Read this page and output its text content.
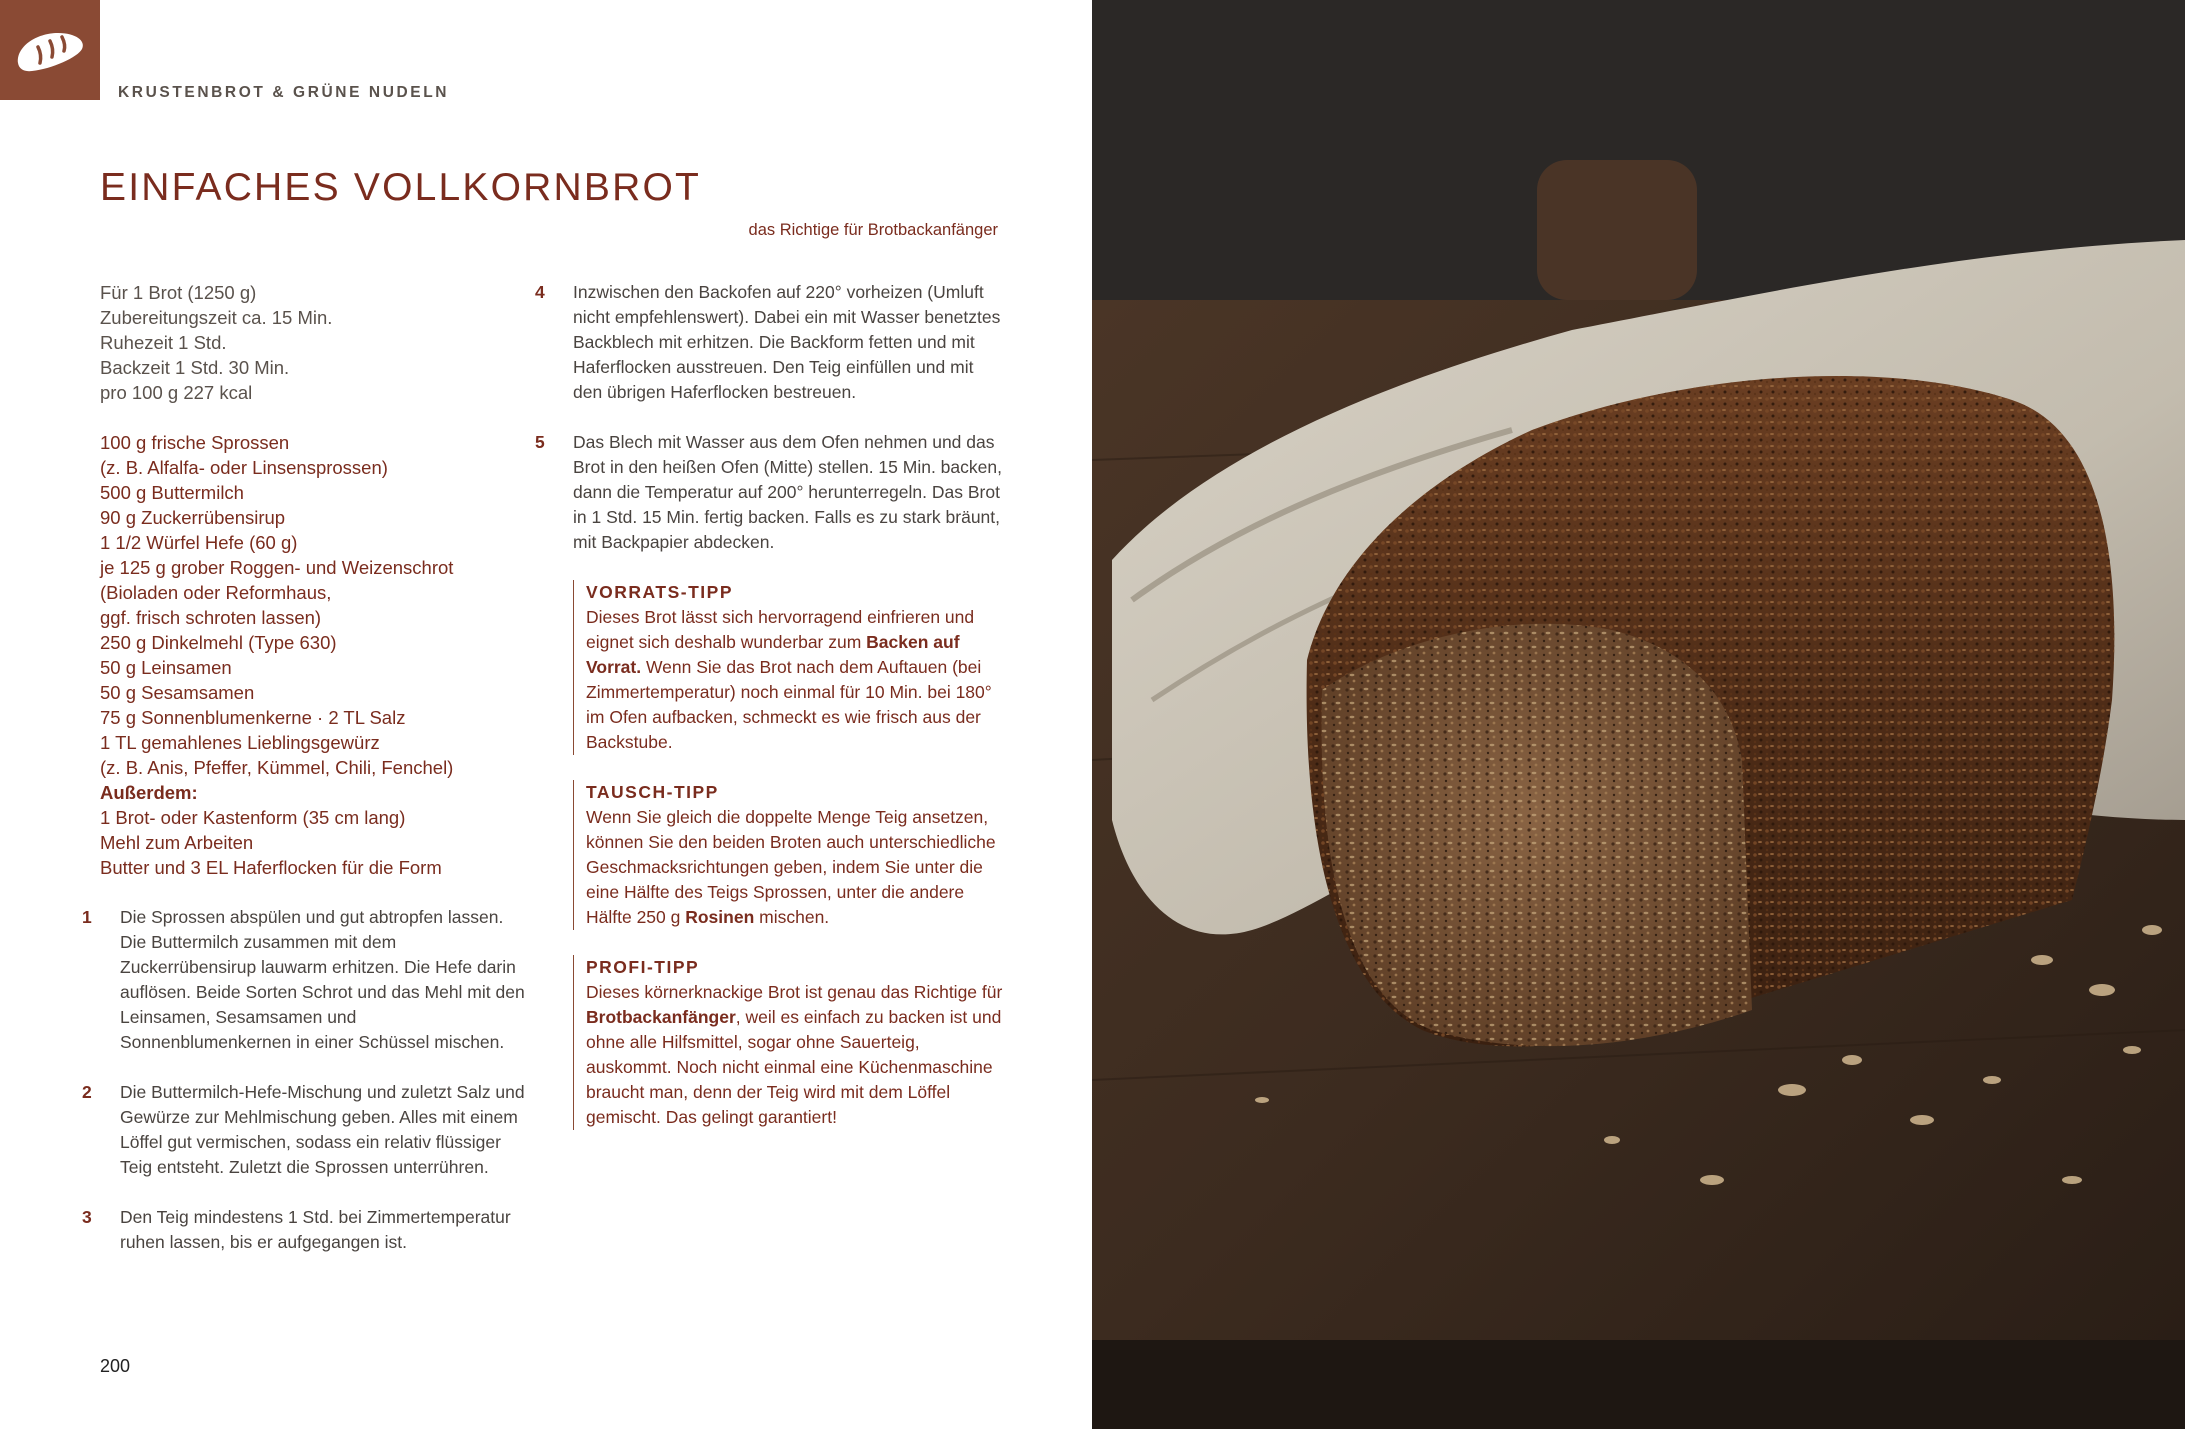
KRUSTENBROT & GRÜNE NUDELN
EINFACHES VOLLKORNBROT
das Richtige für Brotbackanfänger
Für 1 Brot (1250 g)
Zubereitungszeit ca. 15 Min.
Ruhezeit 1 Std.
Backzeit 1 Std. 30 Min.
pro 100 g 227 kcal
100 g frische Sprossen
(z. B. Alfalfa- oder Linsensprossen)
500 g Buttermilch
90 g Zuckerrübensirup
1 1/2 Würfel Hefe (60 g)
je 125 g grober Roggen- und Weizenschrot
(Bioladen oder Reformhaus,
ggf. frisch schroten lassen)
250 g Dinkelmehl (Type 630)
50 g Leinsamen
50 g Sesamsamen
75 g Sonnenblumenkerne · 2 TL Salz
1 TL gemahlenes Lieblingsgewürz
(z. B. Anis, Pfeffer, Kümmel, Chili, Fenchel)
Außerdem:
1 Brot- oder Kastenform (35 cm lang)
Mehl zum Arbeiten
Butter und 3 EL Haferflocken für die Form
1	Die Sprossen abspülen und gut abtropfen lassen. Die Buttermilch zusammen mit dem Zuckerrübensirup lauwarm erhitzen. Die Hefe darin auflösen. Beide Sorten Schrot und das Mehl mit den Leinsamen, Sesamsamen und Sonnenblumenkernen in einer Schüssel mischen.
2	Die Buttermilch-Hefe-Mischung und zuletzt Salz und Gewürze zur Mehlmischung geben. Alles mit einem Löffel gut vermischen, sodass ein relativ flüssiger Teig entsteht. Zuletzt die Sprossen unterrühren.
3	Den Teig mindestens 1 Std. bei Zimmertemperatur ruhen lassen, bis er aufgegangen ist.
4	Inzwischen den Backofen auf 220° vorheizen (Umluft nicht empfehlenswert). Dabei ein mit Wasser benetztes Backblech mit erhitzen. Die Backform fetten und mit Haferflocken ausstreuen. Den Teig einfüllen und mit den übrigen Haferflocken bestreuen.
5	Das Blech mit Wasser aus dem Ofen nehmen und das Brot in den heißen Ofen (Mitte) stellen. 15 Min. backen, dann die Temperatur auf 200° herunterregeln. Das Brot in 1 Std. 15 Min. fertig backen. Falls es zu stark bräunt, mit Backpapier abdecken.
VORRATS-TIPP
Dieses Brot lässt sich hervorragend einfrieren und eignet sich deshalb wunderbar zum Backen auf Vorrat. Wenn Sie das Brot nach dem Auftauen (bei Zimmertemperatur) noch einmal für 10 Min. bei 180° im Ofen aufbacken, schmeckt es wie frisch aus der Backstube.
TAUSCH-TIPP
Wenn Sie gleich die doppelte Menge Teig ansetzen, können Sie den beiden Broten auch unterschiedliche Geschmacksrichtungen geben, indem Sie unter die eine Hälfte des Teigs Sprossen, unter die andere Hälfte 250 g Rosinen mischen.
PROFI-TIPP
Dieses körnerknackige Brot ist genau das Richtige für Brotbackanfänger, weil es einfach zu backen ist und ohne alle Hilfsmittel, sogar ohne Sauerteig, auskommt. Noch nicht einmal eine Küchenmaschine braucht man, denn der Teig wird mit dem Löffel gemischt. Das gelingt garantiert!
200
